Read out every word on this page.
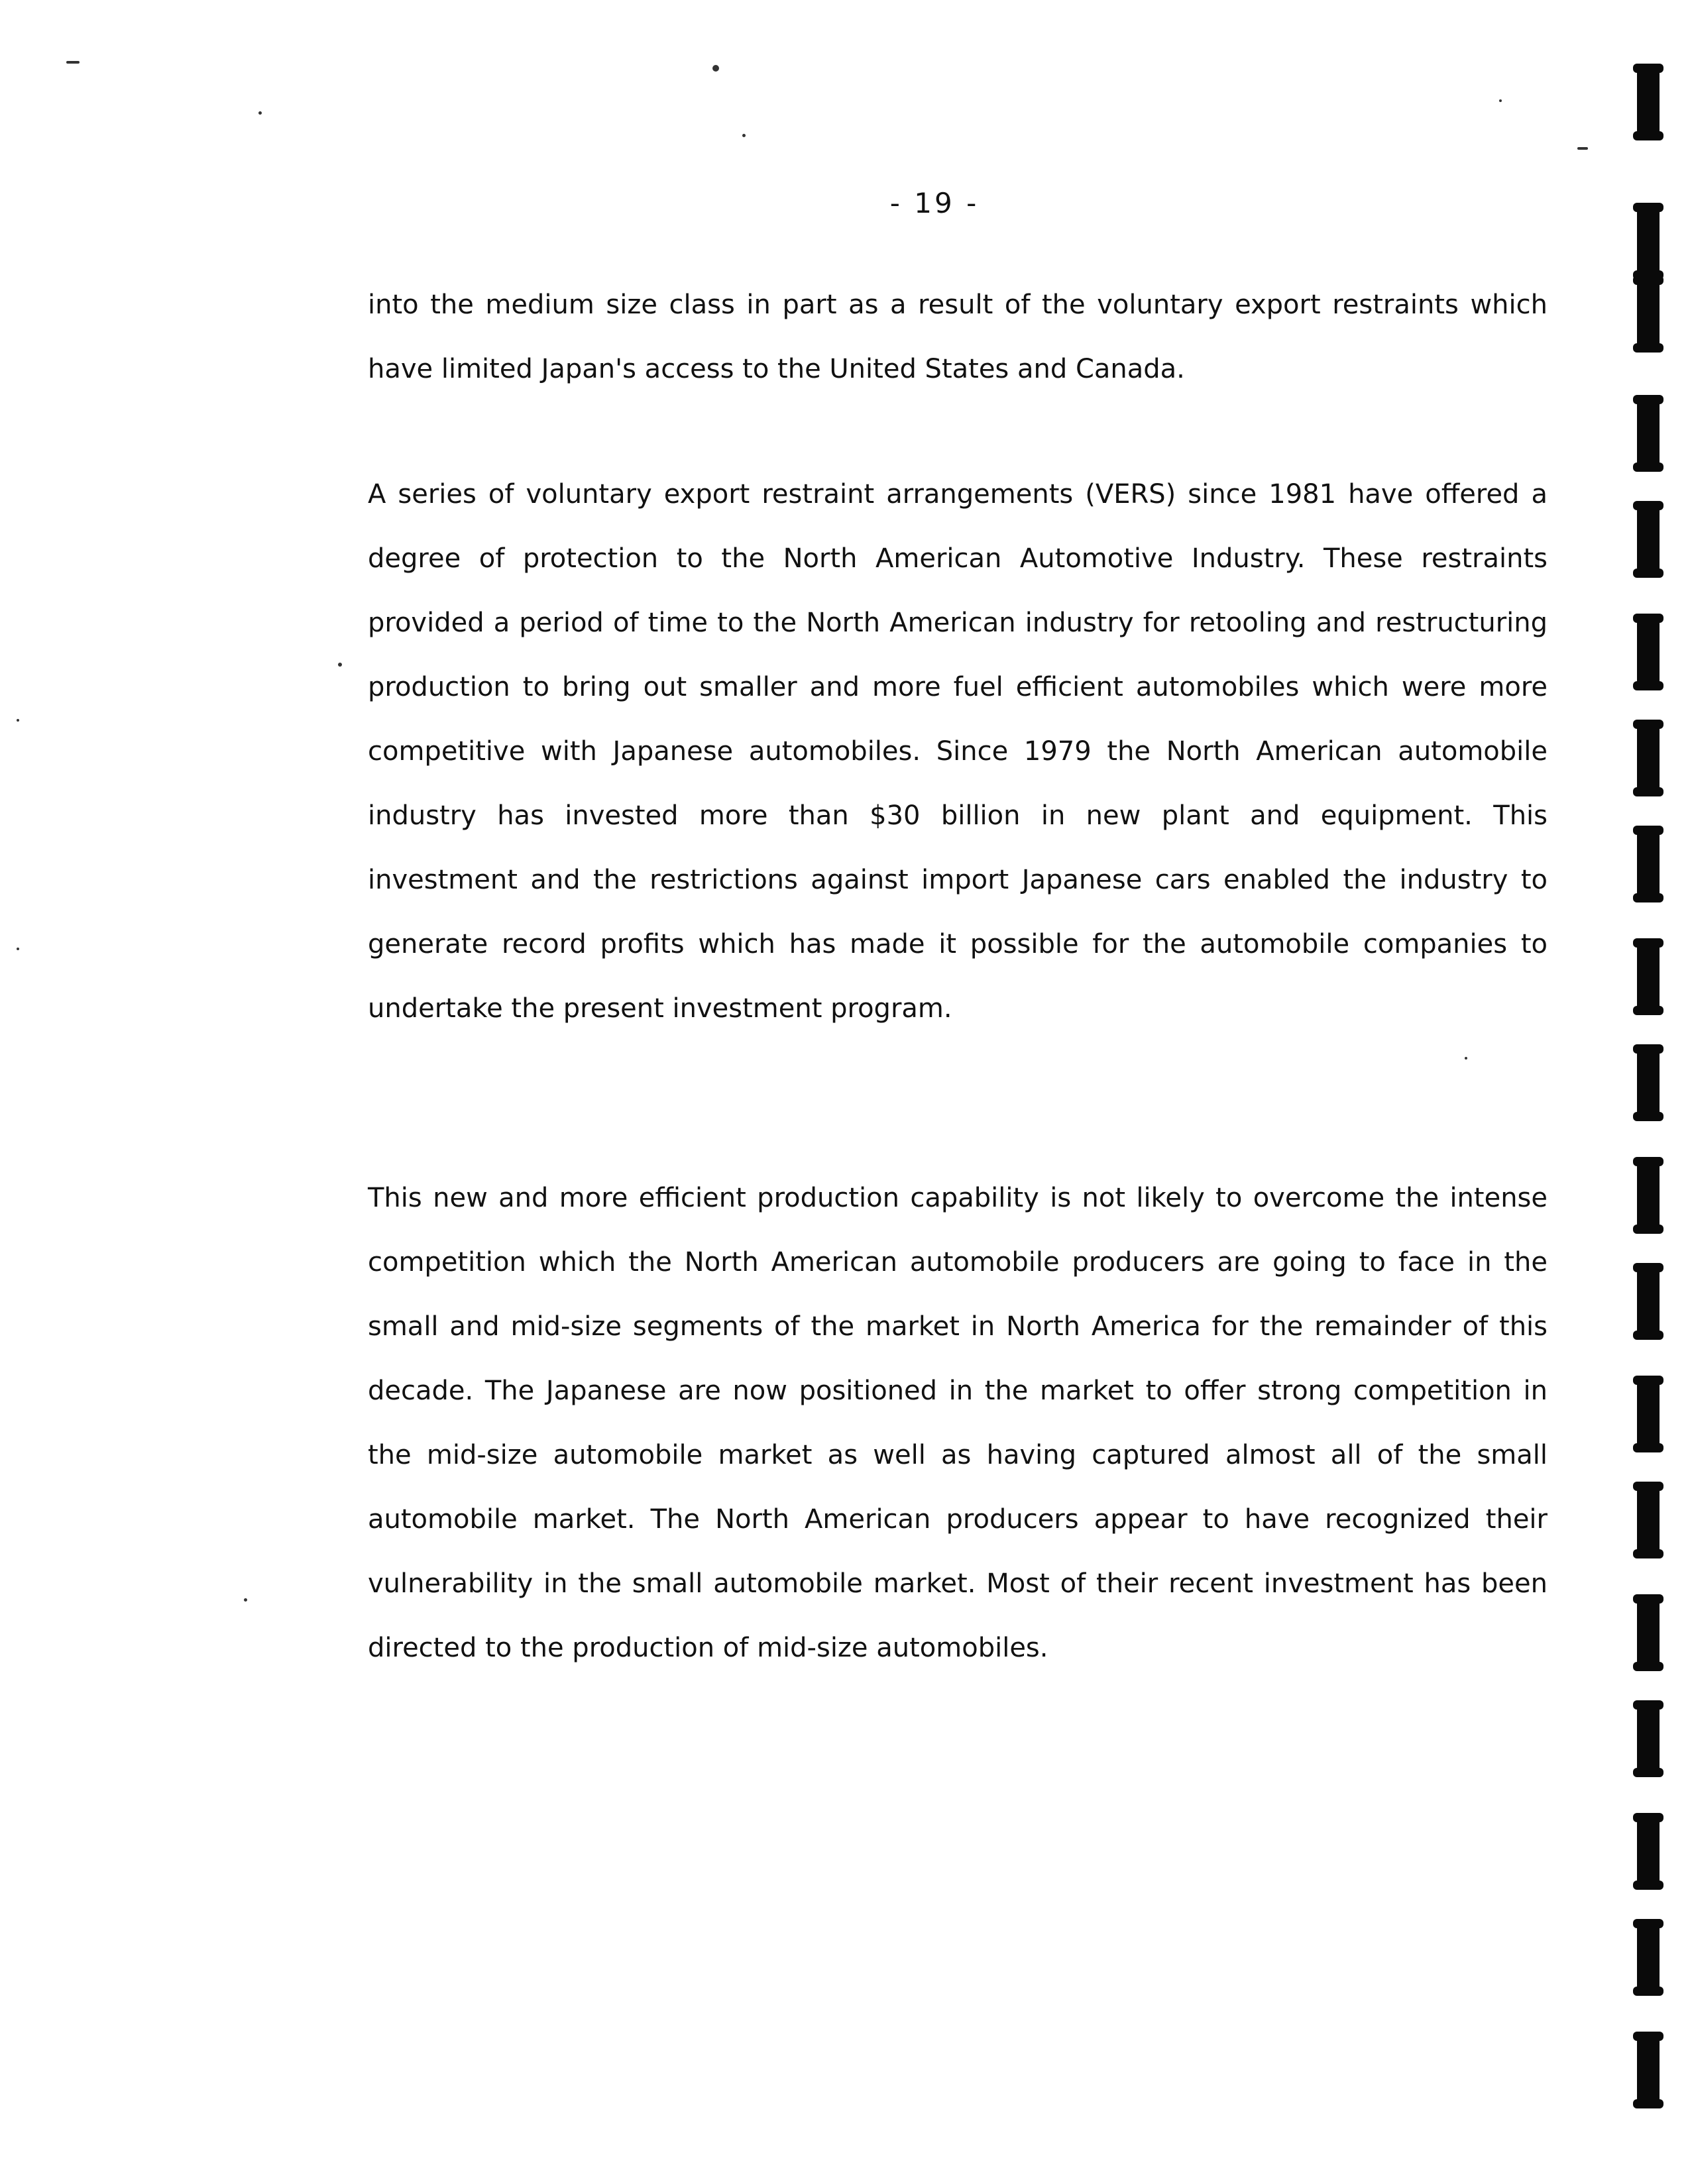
- 19 -

into the medium size class in part as a result of the voluntary export restraints which have limited Japan's access to the United States and Canada.

A series of voluntary export restraint arrangements (VERS) since 1981 have offered a degree of protection to the North American Automotive Industry. These restraints provided a period of time to the North American industry for retooling and restructuring production to bring out smaller and more fuel efficient automobiles which were more competitive with Japanese automobiles. Since 1979 the North American automobile industry has invested more than $30 billion in new plant and equipment. This investment and the restrictions against import Japanese cars enabled the industry to generate record profits which has made it possible for the automobile companies to undertake the present investment program.

This new and more efficient production capability is not likely to overcome the intense competition which the North American automobile producers are going to face in the small and mid-size segments of the market in North America for the remainder of this decade. The Japanese are now positioned in the market to offer strong competition in the mid-size automobile market as well as having captured almost all of the small automobile market. The North American producers appear to have recognized their vulnerability in the small automobile market. Most of their recent investment has been directed to the production of mid-size automobiles.
